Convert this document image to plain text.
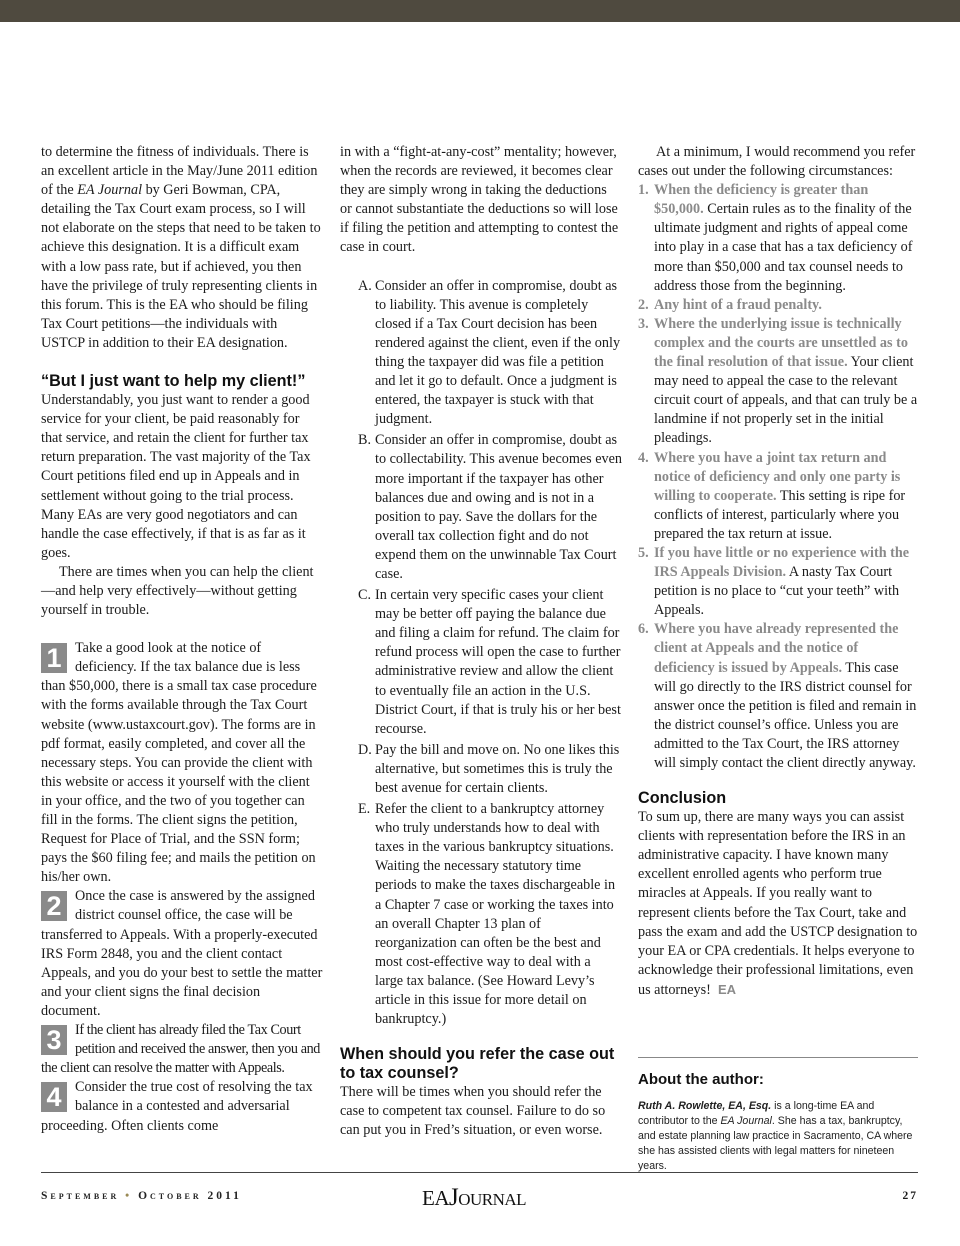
to determine the fitness of individuals. There is an excellent article in the May/June 2011 edition of the EA Journal by Geri Bowman, CPA, detailing the Tax Court exam process, so I will not elaborate on the steps that need to be taken to achieve this designation. It is a difficult exam with a low pass rate, but if achieved, you then have the privilege of truly representing clients in this forum. This is the EA who should be filing Tax Court petitions—the individuals with USTCP in addition to their EA designation.

“But I just want to help my client!”

Understandably, you just want to render a good service for your client, be paid reasonably for that service, and retain the client for further tax return preparation. The vast majority of the Tax Court petitions filed end up in Appeals and in settlement without going to the trial process. Many EAs are very good negotiators and can handle the case effectively, if that is as far as it goes.

There are times when you can help the client—and help very effectively—without getting yourself in trouble.

1 Take a good look at the notice of deficiency. If the tax balance due is less than $50,000, there is a small tax case procedure with the forms available through the Tax Court website (www.ustaxcourt.gov). The forms are in pdf format, easily completed, and cover all the necessary steps. You can provide the client with this website or access it yourself with the client in your office, and the two of you together can fill in the forms. The client signs the petition, Request for Place of Trial, and the SSN form; pays the $60 filing fee; and mails the petition on his/her own.
2 Once the case is answered by the assigned district counsel office, the case will be transferred to Appeals. With a properly-executed IRS Form 2848, you and the client contact Appeals, and you do your best to settle the matter and your client signs the final decision document.
3 If the client has already filed the Tax Court petition and received the answer, then you and the client can resolve the matter with Appeals.
4 Consider the true cost of resolving the tax balance in a contested and adversarial proceeding. Often clients come

in with a “fight-at-any-cost” mentality; however, when the records are reviewed, it becomes clear they are simply wrong in taking the deductions or cannot substantiate the deductions so will lose if filing the petition and attempting to contest the case in court.

A. Consider an offer in compromise, doubt as to liability. This avenue is completely closed if a Tax Court decision has been rendered against the client, even if the only thing the taxpayer did was file a petition and let it go to default. Once a judgment is entered, the taxpayer is stuck with that judgment.
B. Consider an offer in compromise, doubt as to collectability. This avenue becomes even more important if the taxpayer has other balances due and owing and is not in a position to pay. Save the dollars for the overall tax collection fight and do not expend them on the unwinnable Tax Court case.
C. In certain very specific cases your client may be better off paying the balance due and filing a claim for refund. The claim for refund process will open the case to further administrative review and allow the client to eventually file an action in the U.S. District Court, if that is truly his or her best recourse.
D. Pay the bill and move on. No one likes this alternative, but sometimes this is truly the best avenue for certain clients.
E. Refer the client to a bankruptcy attorney who truly understands how to deal with taxes in the various bankruptcy situations. Waiting the necessary statutory time periods to make the taxes dischargeable in a Chapter 7 case or working the taxes into an overall Chapter 13 plan of reorganization can often be the best and most cost-effective way to deal with a large tax balance. (See Howard Levy’s article in this issue for more detail on bankruptcy.)
When should you refer the case out to tax counsel?

There will be times when you should refer the case to competent tax counsel. Failure to do so can put you in Fred’s situation, or even worse.

At a minimum, I would recommend you refer cases out under the following circumstances:

1. When the deficiency is greater than $50,000. Certain rules as to the finality of the ultimate judgment and rights of appeal come into play in a case that has a tax deficiency of more than $50,000 and tax counsel needs to address those from the beginning.
2. Any hint of a fraud penalty.
3. Where the underlying issue is technically complex and the courts are unsettled as to the final resolution of that issue. Your client may need to appeal the case to the relevant circuit court of appeals, and that can truly be a landmine if not properly set in the initial pleadings.
4. Where you have a joint tax return and notice of deficiency and only one party is willing to cooperate. This setting is ripe for conflicts of interest, particularly where you prepared the tax return at issue.
5. If you have little or no experience with the IRS Appeals Division. A nasty Tax Court petition is no place to “cut your teeth” with Appeals.
6. Where you have already represented the client at Appeals and the notice of deficiency is issued by Appeals. This case will go directly to the IRS district counsel for answer once the petition is filed and remain in the district counsel’s office. Unless you are admitted to the Tax Court, the IRS attorney will simply contact the client directly anyway.
Conclusion

To sum up, there are many ways you can assist clients with representation before the IRS in an administrative capacity. I have known many excellent enrolled agents who perform true miracles at Appeals. If you really want to represent clients before the Tax Court, take and pass the exam and add the USTCP designation to your EA or CPA credentials. It helps everyone to acknowledge their professional limitations, even us attorneys! EA

About the author:
Ruth A. Rowlette, EA, Esq. is a long-time EA and contributor to the EA Journal. She has a tax, bankruptcy, and estate planning law practice in Sacramento, CA where she has assisted clients with legal matters for nineteen years.
September • October 2011	EAJOURNAL	27
